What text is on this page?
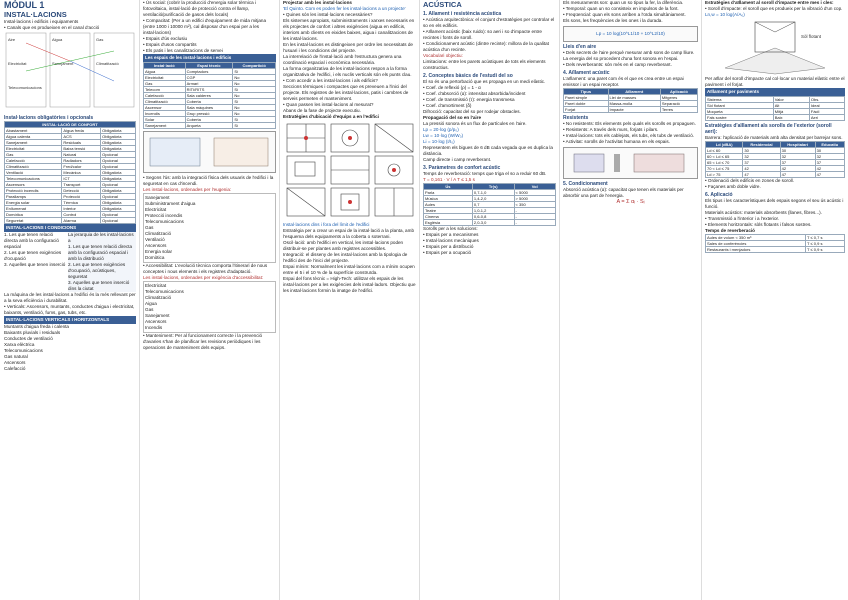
MÒDUL 1
INSTAL·LACIONS

Instal·lacions i edificis i equipaments

• Canals que es produeixen en el canal d'acció

Aire	Aigua	Gas
Electricitat	Sanejament	Climatització
Telecomunicacions
Instal·lacions obligatòries i opcionals
INSTAL·LACIÓ DE CONFORT		
Abastament	Aigua freda	Obligatòria
Aigua calenta	ACS	Obligatòria
Sanejament	Residuals	Obligatòria
Electricitat	Baixa tensió	Obligatòria
Gas	Natural	Opcional
Calefacció	Radiadors	Opcional
Climatització	Fred/calor	Opcional
Ventilació	Mecànica	Obligatòria
Telecomunicacions	ICT	Obligatòria
Ascensors	Transport	Opcional
Protecció incendis	Detecció	Obligatòria
Parallamps	Protecció	Opcional
Energia solar	Tèrmica	Obligatòria
Enllumenat	Interior	Obligatòria
Domòtica	Control	Opcional
Seguretat	Alarma	Opcional
INSTAL·LACIONS I CONDICIONS

1. Les que tenen relació directa amb la configuració espacial

2. Les que tenen exigències d'ocupació

3. Aquelles que tenen inserció

La jerarquia de les instal·lacions a

1. Les que tenen relació directa amb la configuració espacial i amb la distribució

2. Les que tenen exigències d'ocupació, acústiques, seguretat

3. Aquelles que tenen inserció dins la ciutat

La màquina de les instal·lacions a l'edifici és la més rellevant per a la seva eficiència i durabilitat.

• Verticals: Ascensors, muntants, conductes d'aigua i electricitat, baixants, ventilació, fums, gas, tubs, etc.

INSTAL·LACIONS VERTICALS I HORITZONTALS

Muntants d'aigua freda i calenta

Baixants pluvials i residuals

Conductes de ventilació

Xarxa elèctrica

Telecomunicacions

Gas natural

Ascensors

Calefacció

• Ús social: (cobrir la producció d'energia solar tèrmica i fotovoltaica, instal·lació de protecció contra el llamp, ventilació/purificació de gasos dels locals)

• Compacitat: (Per a un edifici d'equipament de mida mitjana (entre 1000 i 10000 m²), cal disposar d'un espai per a les instal·lacions)

• Espais d'ús exclusiu

• Espais d'usos compartits

• Els patis i les canalitzacions de servei

Les espais de les instal·lacions i edificis
Instal·lació	Espai tècnic	Compartició
Aigua	Comptadors	Sí
Electricitat	CGP	No
Gas	Armari	No
Telecom	RITI/RITS	Sí
Calefacció	Sala calderes	No
Climatització	Coberta	Sí
Ascensor	Sala màquines	No
Incendis	Grup pressió	No
Solar	Coberta	Sí
Sanejament	Arqueta	Sí

• Segons l'ús: amb la integració física dels usuaris de l'edifici i la seguretat en cas d'incendi.

Les instal·lacions, ordenades per l'eugenia:

Sanejament

Subministrament d'aigua

Electricitat

Protecció incendis

Telecomunicacions

Gas

Climatització

Ventilació

Ascensors

Energia solar

Domòtica

• Accessibilitat: L'evolució tècnica comporta l'itinerari de nous conceptes i nous elements i els registres d'adaptació.

Les instal·lacions, ordenades per exigència d'accessibilitat:

Electricitat

Telecomunicacions

Climatització

Aigua

Gas

Sanejament

Ascensors

Incendis

• Manteniment: Per al funcionament correcte i la prevenció d'avaries s'han de planificar les revisions periòdiques i les operacions de manteniment dels equips.

Projectar amb les instal·lacions

'El Quinto. Com es poden fer les instal·lacions a un projecte'

• Quines són les instal·lacions necessàries?

Els sistemes apropiats, subministraments i xarxes necessaris en els projectes de confort i altres exigències (aigua en edificis, interiors amb clients en eixides baixes, aigua i canalitzacions de les instal·lacions.

En les instal·lacions es distingeixen per ordre les necessitats de l'usuari i les condicions del projecte.

La interrelació de l'instal·lació amb l'estructura genera una coordinació espacial i econòmica necessària.

La forma organitzativa de les instal·lacions respon a la forma organitzativa de l'edifici, i els nuclis verticals són els punts clau.

• Com accedir a les instal·lacions i als edificis?

Seccions tèrmiques i compactes que es preveuen a l'inici del projecte. Els registres de les instal·lacions, patis i cambres de serveis permeten el manteniment.

• Quan passen les instal·lacions al mesurat?

Abans de la fase de projecte executiu.

Estratègies d'ubicació d'equips a en l'edifici

Instal·lacions dins i fora del límit de l'edifici

Estratègia per a crear un espai de la instal·lació a la planta, amb l'esquema dels equipaments a la coberta o soterrani.

Oscil·lació: amb l'edifici en vertical, les instal·lacions poden distribuir-se per plantes amb registres accessibles.

Integració: el disseny de les instal·lacions amb la tipologia de l'edifici des de l'inici del projecte.

Espai mínim: Normalment les instal·lacions com a mínim ocupen entre el 5 i el 10 % de la superfície construïda.

Espai del fons tècnic = High-Tech: utilitzar els espais de les instal·lacions per a les exigències dels instal·ladors. Objectiu que les instal·lacions formin la imatge de l'edifici.

ACÚSTICA
1. Allament i resistència acústica

• Acústica arquitectònica: el conjunt d'estratègies per controlar el so en els edificis.

• Aïllament acústic (baix ruido): so aeri i so d'impacte entre recintes i fonts de soroll.

• Condicionament acústic (dintre recinte): millora de la qualitat acústica d'un recinte.

Vocabulari objectiu:

Limitacions: entre les parets acústiques de tots els elements constructius.

2. Conceptes bàsics de l'estudi del so

El so és una pertorbació que es propaga en un medi elàstic.

• Coef. de reflexió (ρ) = 1 - α

• Coef. d'absorció (α): intensitat absorbida/incident

• Coef. de transmissió (τ): energia transmesa

• Coef. d'amortiment (δ)

Difrocció: capacitat del so per rodejar obstacles.

Propagació del so en l'aire

La pressió sonora és un flux de partícules en l'aire.

Lp = 20·log (p/p₀)

Lw = 10·log (W/W₀)

Li = 10·log (I/I₀)

Representem els bigues de 6 dB cada vegada que es duplica la distància.

Camp directe i camp reverberant.

3. Paràmetres de confort acústic

Temps de reverberació: temps que triga el so a reduir 60 dB.

T = 0,161 · V / A T ≤ 1,5 s

Ús	Tr(s)	Vol
Parla	0,7-1,0	< 5000
Música	1,4-2,0	> 5000
Aules	0,7	< 350
Teatre	1,0-1,2	-
Cinema	0,6-0,8	-
Església	2,0-3,0	-

Sorolls per a les solucions:

• Espais per a mecanismes

• Instal·lacions mecàniques

• Espais per a distribució

• Espais per a ocupació

Els mesuraments son: quan un so tipus la fer, la diferència.

• Temporal: quan un so consisteix en impulsos de la font.

• Freqüencial: quan els sons arriben a l'oïda simultàniament.

Els sons, les freqüències de les ones i la durada.

Lp = 10 log(10^L1/10 + 10^L2/10)
Lleis d'en aire

• Dels secrets de l'aire perquè mesurar amb sons de camp lliure.

La energia del so procedent d'una font sonora en l'espai.

• Dels reverberants: són més en el camp reverberant.

4. Aïllament acústic

L'aïllament: una paret com és el que es crea entre un espai emissor i un espai receptor.

Tipus	Aïllament	Aplicació
Paret simple	Llei de masses	Mitgeres
Paret doble	Massa-molla	Separació
Forjat	Impacte	Terres
Resistents

• No resistents: Els elements pels quals els sorolls es propaguen.

• Resistents: A través dels murs, forjats i pilars.

• Instal·lacions: tots els cablejats, els tubs, els tubs de ventilació.

• Activitat: sorolls de l'activitat humana en els espais.

5. Condicionament

Absorció acústica (α): capacitat que tenen els materials per absorbir una part de l'energia.

A = Σ αᵢ · Sᵢ

Estratègies d'aïllament al soroll d'impacte entre mes i cles:

• Soroll d'impacte: el soroll que es produeix per la vibració d'un cop.

Ln,w = 10 log(A/A₀)

Sòl flotant

Per aïllar del soroll d'impacte cal col·locar un material elàstic entre el paviment i el forjat.

Aïllament per paviments
Sistema	Valor	Obs.
Sòl flotant	Alt	Ideal
Moqueta	Mitjà	Fàcil
Fals sostre	Baix	Aeri
Estratègies d'aïllament als sorolls de l'exterior (soroll aeri):

Barrera: l'aplicació de materials amb alta densitat per barrejar sons.

Ld (dBA)	Residencial	Hospitalari	Educatiu
Ld ≤ 60	30	30	30
60 < Ld ≤ 65	32	32	32
65 < Ld ≤ 70	37	37	37
70 < Ld ≤ 75	42	42	42
Ld > 75	47	47	47

• Ordenació dels edificis en zones de soroll.

• Façanes amb doble vidre.

6. Aplicació

Els tipus i les característiques dels espais segons el seu ús acústic i funció.

Materials acústics: materials absorbents (llanes, fibres...).

• Transmissió a l'interior i a l'exterior.

• Elements horitzontals: sòls flotants i falsos sostres.

Temps de reverberació

Aules de volum < 350 m³	T ≤ 0,7 s
Sales de conferències	T ≤ 0,9 s
Restaurants i menjadors	T ≤ 0,9 s
